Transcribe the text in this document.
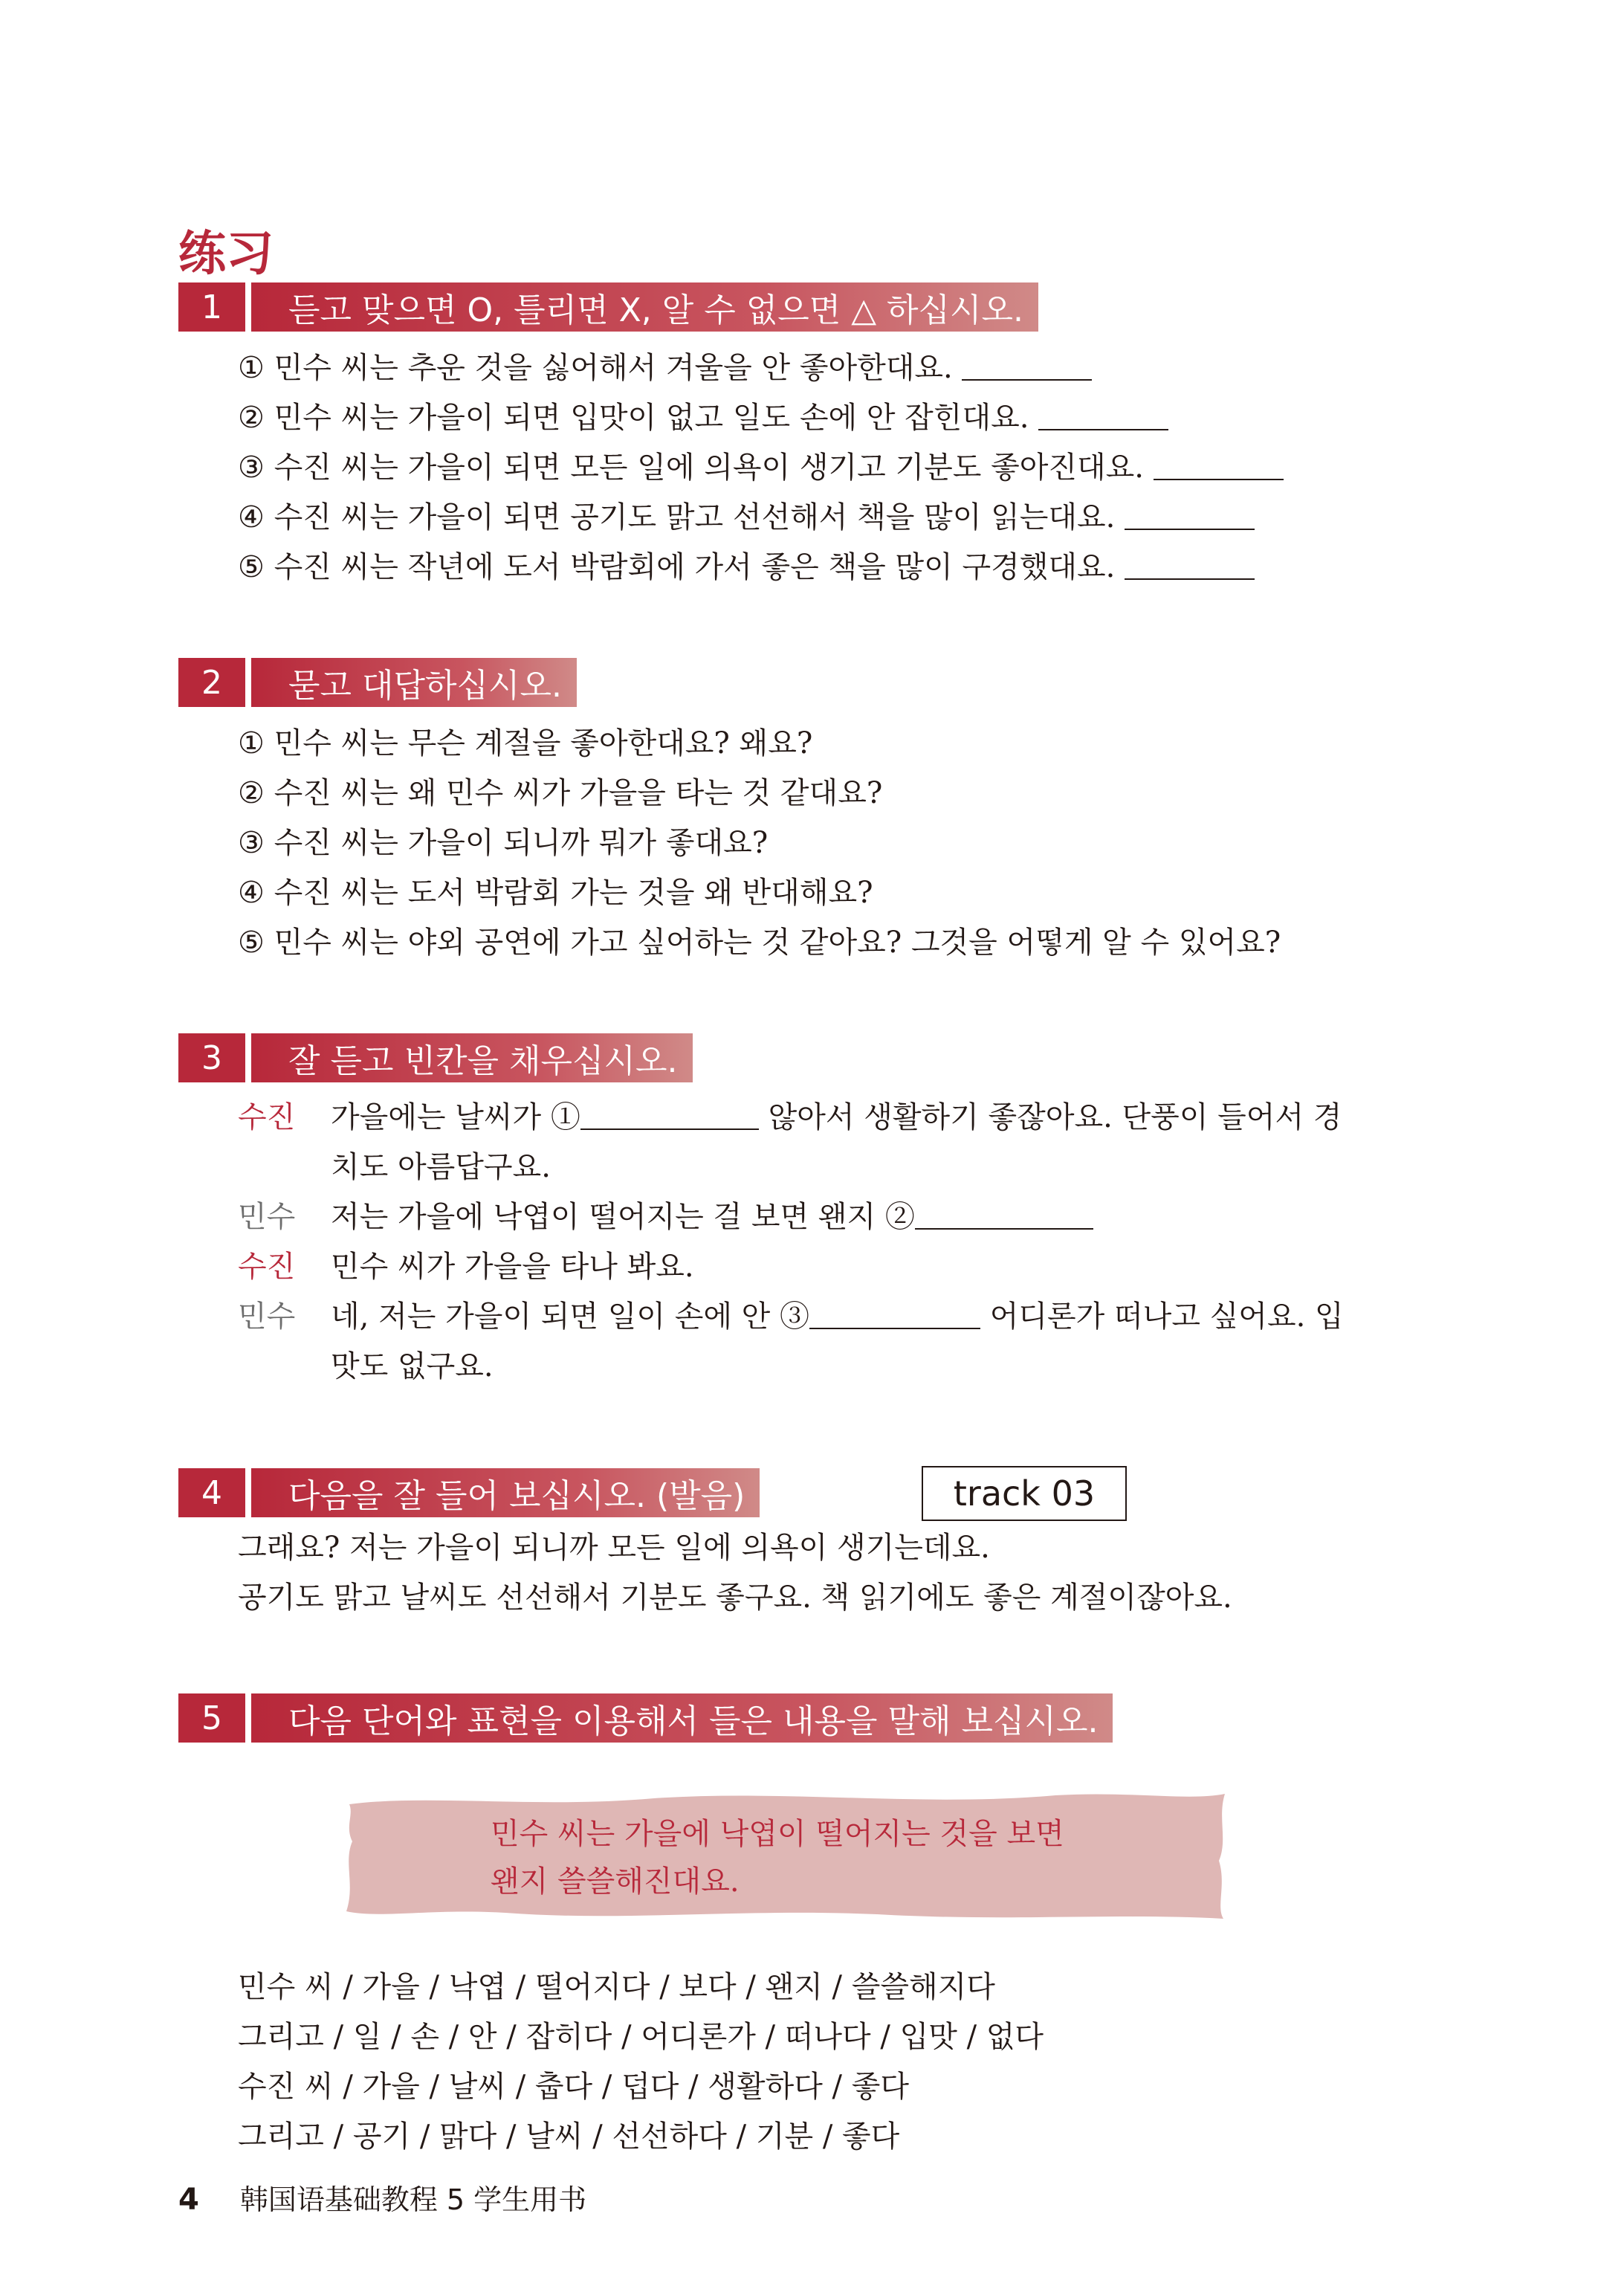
练习
1	듣고 맞으면 O, 틀리면 X, 알 수 없으면 △ 하십시오.
① 민수 씨는 추운 것을 싫어해서 겨울을 안 좋아한대요.
② 민수 씨는 가을이 되면 입맛이 없고 일도 손에 안 잡힌대요.
③ 수진 씨는 가을이 되면 모든 일에 의욕이 생기고 기분도 좋아진대요.
④ 수진 씨는 가을이 되면 공기도 맑고 선선해서 책을 많이 읽는대요.
⑤ 수진 씨는 작년에 도서 박람회에 가서 좋은 책을 많이 구경했대요.
2	묻고 대답하십시오.
① 민수 씨는 무슨 계절을 좋아한대요? 왜요?
② 수진 씨는 왜 민수 씨가 가을을 타는 것 같대요?
③ 수진 씨는 가을이 되니까 뭐가 좋대요?
④ 수진 씨는 도서 박람회 가는 것을 왜 반대해요?
⑤ 민수 씨는 야외 공연에 가고 싶어하는 것 같아요? 그것을 어떻게 알 수 있어요?
3	잘 듣고 빈칸을 채우십시오.
수진	가을에는 날씨가 ①	않아서 생활하기 좋잖아요. 단풍이 들어서 경
치도 아름답구요.
민수	저는 가을에 낙엽이 떨어지는 걸 보면 왠지 ②
수진	민수 씨가 가을을 타나 봐요.
민수	네, 저는 가을이 되면 일이 손에 안 ③	어디론가 떠나고 싶어요. 입
맛도 없구요.
4	다음을 잘 들어 보십시오. (발음)
그래요? 저는 가을이 되니까 모든 일에 의욕이 생기는데요.
공기도 맑고 날씨도 선선해서 기분도 좋구요. 책 읽기에도 좋은 계절이잖아요.
track 03
5	다음 단어와 표현을 이용해서 들은 내용을 말해 보십시오.
민수 씨는 가을에 낙엽이 떨어지는 것을 보면
왠지 쓸쓸해진대요.
민수 씨 / 가을 / 낙엽 / 떨어지다 / 보다 / 왠지 / 쓸쓸해지다
그리고 / 일 / 손 / 안 / 잡히다 / 어디론가 / 떠나다 / 입맛 / 없다
수진 씨 / 가을 / 날씨 / 춥다 / 덥다 / 생활하다 / 좋다
그리고 / 공기 / 맑다 / 날씨 / 선선하다 / 기분 / 좋다
4 韩国语基础教程 5 学生用书
